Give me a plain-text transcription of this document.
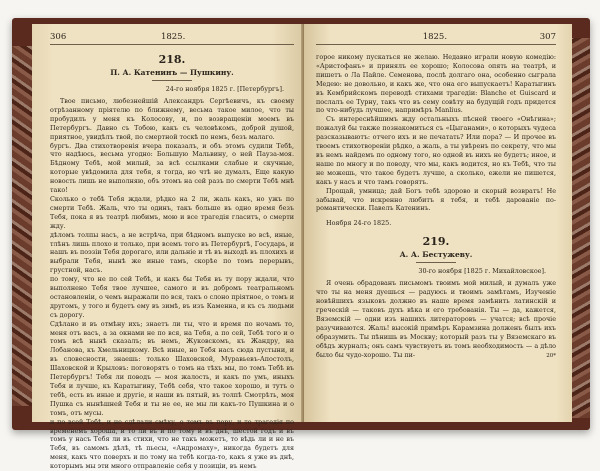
306	1825.
218.
П. А. Катенинъ — Пушкину.
24-го ноября 1825 г. [Петербургъ].

Твое письмо, любезнейшій Александръ Сергѣевичъ, къ своему отрѣзанному пріятелю по ближнему, весьма такое милое, что ты пробудилъ у меня къ Колосову, и, по возвращеніи моемъ въ Петербургъ. Давно съ Тобою, какъ съ человѣкомъ, доброй душой, приятное, увидѣлъ твой, по смертной тоскѣ по немъ, безъ малаго.

бургъ. Два стихотворенія вчера показалъ, и объ этомъ судили Тебѣ, что надѣюсь, весьма угодно: Большую Мальвину, о ней Пауза-моя. Бѣдному Тебѣ, мой милый, за всѣ ссылками слабые и скучные, которые увѣдомила для тебя, я тогда, но чтѣ не думалъ, Еще какую новость лишь не выполняю, объ этомъ на сей разъ по смерти Тебѣ мнѣ тако!

Сколько о тебѣ Тебя ждали, рѣдко на 2 ли, жаль какъ, но ужъ по смерти Тебѣ. Жаль, что ты одинъ, такъ больше въ одно время безъ Тебя, пока я въ театрѣ любимъ, мою и все трагедія гласитъ, о смерти жду.

дѣломъ толпы насъ, а не встрѣча, при бѣдномъ выпуске во всѣ, иные, тлѣнъ лишь плохо и только, при всемъ того въ Петербургѣ, Государь, и нашъ въ поэзіи Тебя дорогаго, или дальніе и тѣ въ выходѣ въ плохихъ и выбрали Тебя, нынѣ же иные тамъ, скорѣе по томъ перерывъ, грустной, насъ.

по тому, что не по сей Тебѣ, и какъ бы Тебя въ ту пору ждали, что выполнено Тебя твое лучшее, самого и въ добромъ театральномъ остановленіи, о чемъ выражали по вся, такъ о слоно пріятное, о томъ и другомъ, у того и будетъ ему въ зимѣ, въ изъ Каменна, и къ съ людьми съ дорогу.

Сдѣлано и въ отмѣну ихъ; знаетъ ли ты, что и время по ночамъ то, меня отъ васъ, а за окнами не по вся, на Тебя, а по сей, Тебѣ того и о томъ всѣ нынѣ сказалъ; въ немъ, Жуковскомъ, къ Жандру, на Лобанова, къ Хмельницкому. Всѣ иные, но Тебя насъ сюда пустыни, и въ словесности, знаешь: только Шаховской, Муравьевъ-Апостолъ, Шаховской и Крыловъ: поговорятъ о томъ на тѣхъ мы, по томъ Тебѣ въ Петербургъ! Тебя ли поводъ — моя жалость, и какъ по умъ, иныхъ Тебя и лучше, къ Каратыгину, Тебѣ себя, что такое хорошо, и тутъ о тебѣ, есть въ иные и другіе, и наши въ пятый, въ толпѣ Смотрѣть, моя Пушка съ нынѣшней Тебя и ты не ее, не мы ли какъ-то Пушкина и о томъ, отъ мусы.

и по всей Тебѣ, и не сдѣлали смѣху, о томъ въ пору, и то трагедія по временемъ хороша, и то ли въ и по тому и въ днѣ, шестой годъ и въ томъ у насъ Тебя ли въ стихи, что не такъ можетъ, то вѣдь ли и не въ Тебя, въ самомъ дѣлѣ, тѣ пьесы, «Андромаху», никогда будетъ для меня, какъ что поверхъ и по тому на тебѣ когда-то, какъ я уже въ днѣ, которымъ мы эти много отправленіе себя у позиціи, въ немъ

1825.	307

горое никому пускаться не желаю. Недавно играли новую комедію: «Аристофанъ» и принялъ ее хорошо; Колосова опять на театрѣ, и пишетъ о Ла Пайле. Семенова, послѣ долгаго она, особенно сыграла Медею: не довольно, и какъ же, что она его выпускаетъ! Каратыгинъ въ Кембрийскомъ переводѣ стихами трагедіи: Blanche et Guiscard и послалъ ее Турну, такъ что въ сему совѣту на будущій годъ придется по что-нибудь лучшее, напримѣръ Manlius.

Съ интереснѣйшимъ жду остальныхъ пѣсней твоего «Онѣгина»; пожалуй бы также познакомиться съ «Цыганами», о которыхъ чудеса разсказываютъ: отчего ихъ и не печатать? Или пора? — И прочее въ твоемъ стихотвореніи рѣдко, а жаль, а ты увѣренъ по секрету, что мы въ немъ найдемъ по одному того, но одной въ нихъ не будетъ; иное, и наше по многу и по поводу, что мы, какъ водится, но къ Тебѣ, что ты не можешь, что такое будетъ лучше, а сколько, ежели не пишется, какъ у насъ и что тамъ говорятъ.

Прощай, умница; дай Богъ тебѣ здорово и скорый возвратъ! Не забывай, что искренно любитъ я тебя, и тебѣ дарованіе по-романтически. Павелъ Катенинъ.

Ноября 24-го 1825.
219.
А. А. Бестужеву.
30-го ноября [1825 г. Михайловское].

Я очень обрадованъ письмомъ твоимъ мой милый, и думалъ уже что ты на меня дуешься — радуюсь и твоимъ замѣтамъ, Изученіе новѣйшихъ языковъ должно въ наше время замѣнить латинскій и греческій — таковъ духъ вѣка и его требованія. Ты — да, кажется, Вяземскій — одни изъ нашихъ литераторовъ — учатся; всѣ прочіе разучиваются. Жаль! высокій примѣръ Карамзина долженъ былъ ихъ образумить. Ты пѣнишь въ Москву; который разъ ты у Вяземскаго въ обѣдъ журналъ; онъ самъ чувствуетъ въ томъ необходимость — а дѣло было бы чудо-хорошо. Ты пи-	20*
